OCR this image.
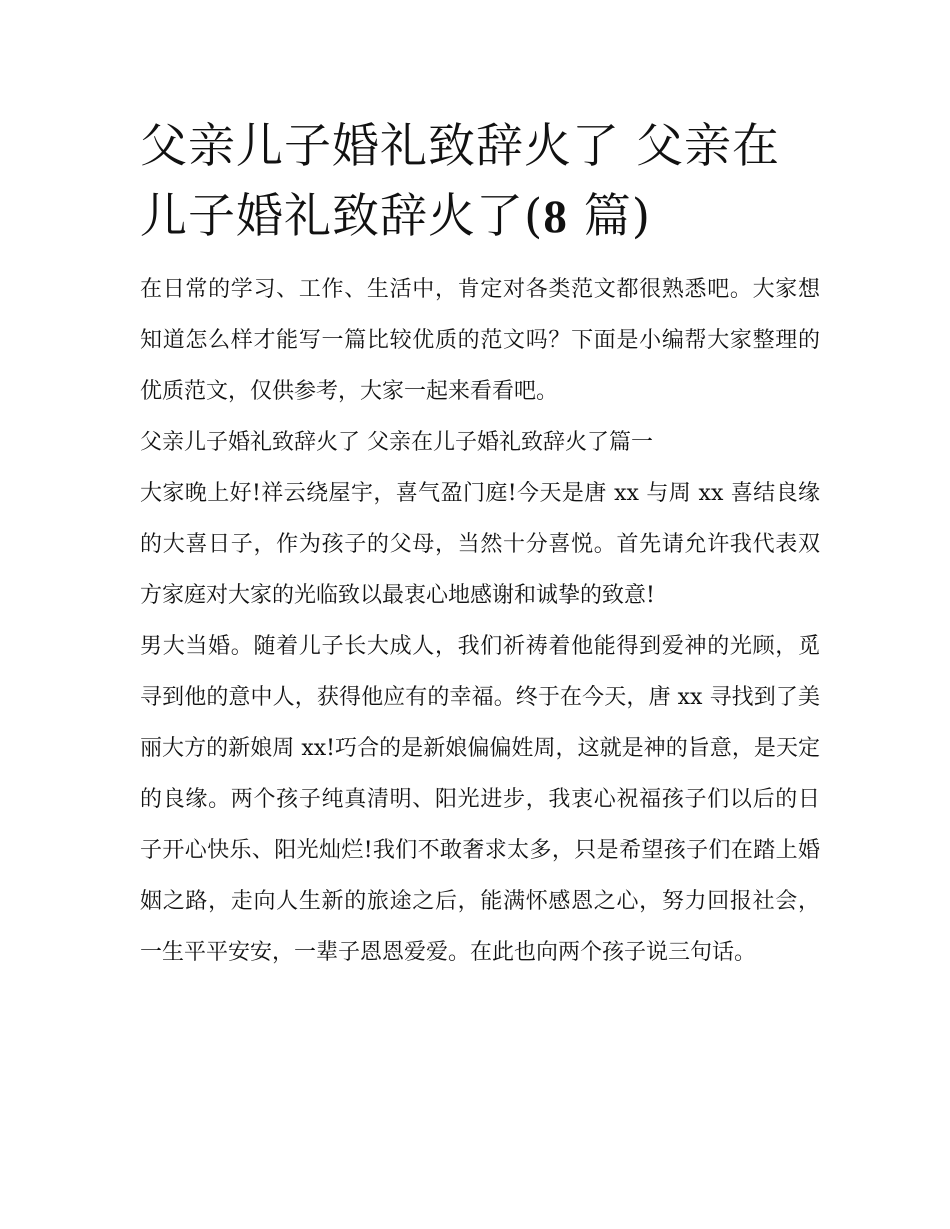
父亲儿子婚礼致辞火了 父亲在儿子婚礼致辞火了(8 篇)

在日常的学习、工作、生活中，肯定对各类范文都很熟悉吧。大家想知道怎么样才能写一篇比较优质的范文吗？下面是小编帮大家整理的优质范文，仅供参考，大家一起来看看吧。

父亲儿子婚礼致辞火了 父亲在儿子婚礼致辞火了篇一

大家晚上好!祥云绕屋宇，喜气盈门庭!今天是唐 xx 与周 xx 喜结良缘的大喜日子，作为孩子的父母，当然十分喜悦。首先请允许我代表双方家庭对大家的光临致以最衷心地感谢和诚挚的致意!

男大当婚。随着儿子长大成人，我们祈祷着他能得到爱神的光顾，觅寻到他的意中人，获得他应有的幸福。终于在今天，唐 xx 寻找到了美丽大方的新娘周 xx!巧合的是新娘偏偏姓周，这就是神的旨意，是天定的良缘。两个孩子纯真清明、阳光进步，我衷心祝福孩子们以后的日子开心快乐、阳光灿烂!我们不敢奢求太多，只是希望孩子们在踏上婚姻之路，走向人生新的旅途之后，能满怀感恩之心，努力回报社会，一生平平安安，一辈子恩恩爱爱。在此也向两个孩子说三句话。
